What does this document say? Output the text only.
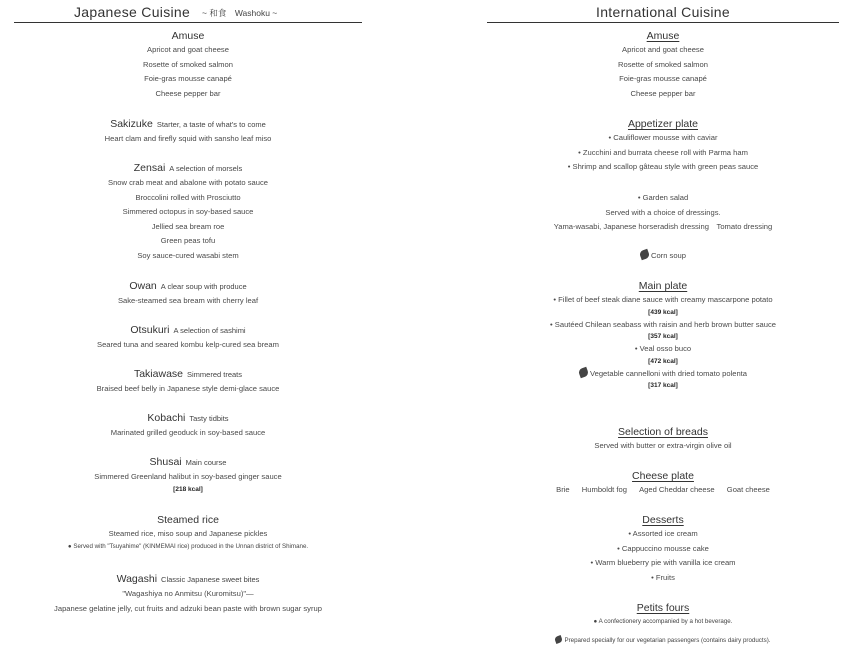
Japanese Cuisine ~ 和食　Washoku ~
Amuse
Apricot and goat cheese
Rosette of smoked salmon
Foie-gras mousse canapé
Cheese pepper bar
Sakizuke Starter, a taste of what's to come
Heart clam and firefly squid with sansho leaf miso
Zensai A selection of morsels
Snow crab meat and abalone with potato sauce
Broccolini rolled with Prosciutto
Simmered octopus in soy-based sauce
Jellied sea bream roe
Green peas tofu
Soy sauce-cured wasabi stem
Owan A clear soup with produce
Sake-steamed sea bream with cherry leaf
Otsukuri A selection of sashimi
Seared tuna and seared kombu kelp-cured sea bream
Takiawase Simmered treats
Braised beef belly in Japanese style demi-glace sauce
Kobachi Tasty tidbits
Marinated grilled geoduck in soy-based sauce
Shusai Main course
Simmered Greenland halibut in soy-based ginger sauce
[218 kcal]
Steamed rice
Steamed rice, miso soup and Japanese pickles
● Served with "Tsuyahime" (KINMEMAI rice) produced in the Unnan district of Shimane.
Wagashi Classic Japanese sweet bites
"Wagashiya no Anmitsu (Kuromitsu)"—
Japanese gelatine jelly, cut fruits and adzuki bean paste with brown sugar syrup
International Cuisine
Amuse
Apricot and goat cheese
Rosette of smoked salmon
Foie-gras mousse canapé
Cheese pepper bar
Appetizer plate
• Cauliflower mousse with caviar
• Zucchini and burrata cheese roll with Parma ham
• Shrimp and scallop gâteau style with green peas sauce
• Garden salad
Served with a choice of dressings.
Yama-wasabi, Japanese horseradish dressing　Tomato dressing
Corn soup
Main plate
• Fillet of beef steak diane sauce with creamy mascarpone potato
[439 kcal]
• Sautéed Chilean seabass with raisin and herb brown butter sauce
[357 kcal]
• Veal osso buco
[472 kcal]
Vegetable cannelloni with dried tomato polenta
[317 kcal]
Selection of breads
Served with butter or extra-virgin olive oil
Cheese plate
Brie Humboldt fog Aged Cheddar cheese Goat cheese
Desserts
• Assorted ice cream
• Cappuccino mousse cake
• Warm blueberry pie with vanilla ice cream
• Fruits
Petits fours
● A confectionery accompanied by a hot beverage.
Prepared specially for our vegetarian passengers (contains dairy products).
